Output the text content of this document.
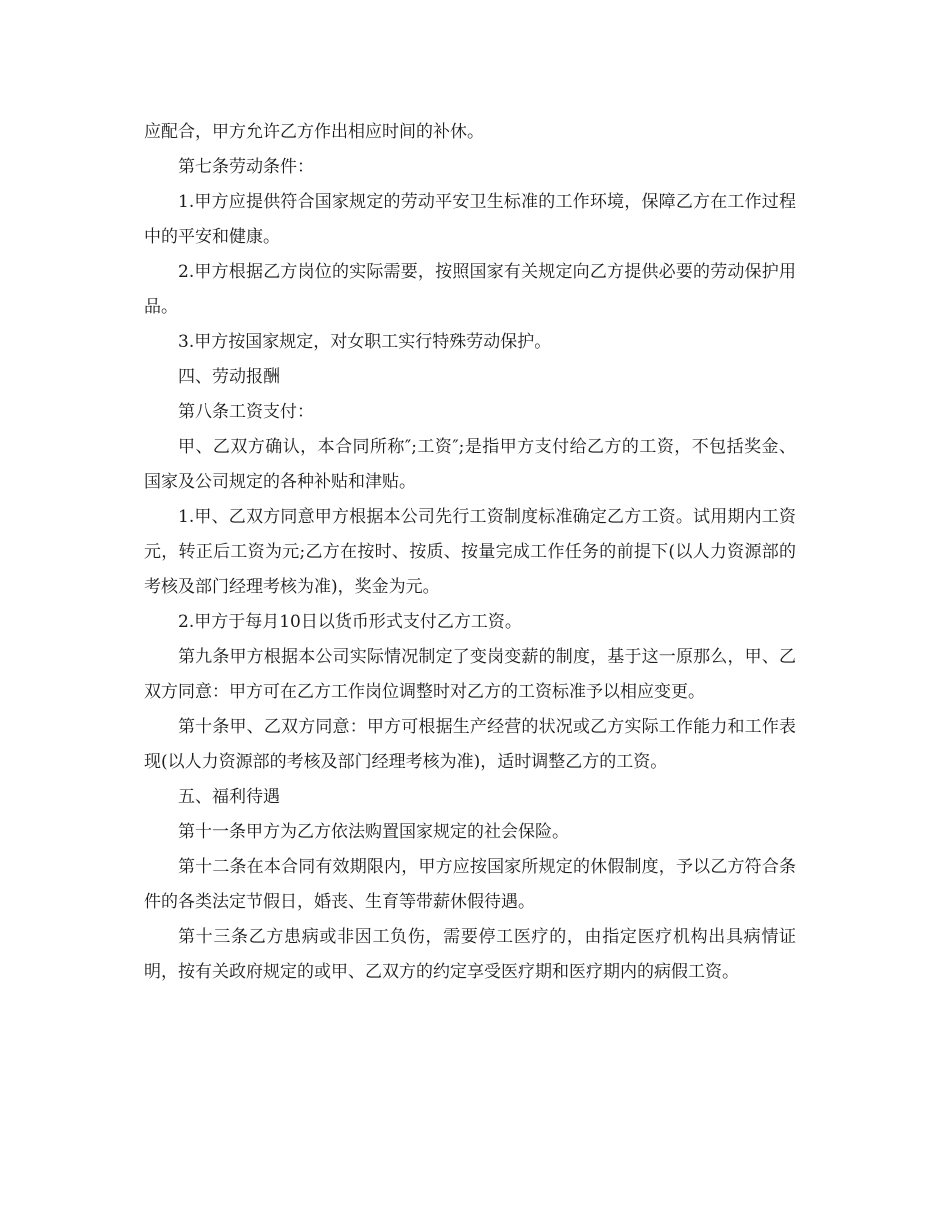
应配合，甲方允许乙方作出相应时间的补休。

第七条劳动条件：

1.甲方应提供符合国家规定的劳动平安卫生标准的工作环境，保障乙方在工作过程中的平安和健康。

2.甲方根据乙方岗位的实际需要，按照国家有关规定向乙方提供必要的劳动保护用品。

3.甲方按国家规定，对女职工实行特殊劳动保护。

四、劳动报酬

第八条工资支付：

甲、乙双方确认，本合同所称″;工资″;是指甲方支付给乙方的工资，不包括奖金、国家及公司规定的各种补贴和津贴。

1.甲、乙双方同意甲方根据本公司先行工资制度标准确定乙方工资。试用期内工资元，转正后工资为元;乙方在按时、按质、按量完成工作任务的前提下(以人力资源部的考核及部门经理考核为准)，奖金为元。

2.甲方于每月10日以货币形式支付乙方工资。

第九条甲方根据本公司实际情况制定了变岗变薪的制度，基于这一原那么，甲、乙双方同意：甲方可在乙方工作岗位调整时对乙方的工资标准予以相应变更。

第十条甲、乙双方同意：甲方可根据生产经营的状况或乙方实际工作能力和工作表现(以人力资源部的考核及部门经理考核为准)，适时调整乙方的工资。

五、福利待遇

第十一条甲方为乙方依法购置国家规定的社会保险。

第十二条在本合同有效期限内，甲方应按国家所规定的休假制度，予以乙方符合条件的各类法定节假日，婚丧、生育等带薪休假待遇。

第十三条乙方患病或非因工负伤，需要停工医疗的，由指定医疗机构出具病情证明，按有关政府规定的或甲、乙双方的约定享受医疗期和医疗期内的病假工资。
